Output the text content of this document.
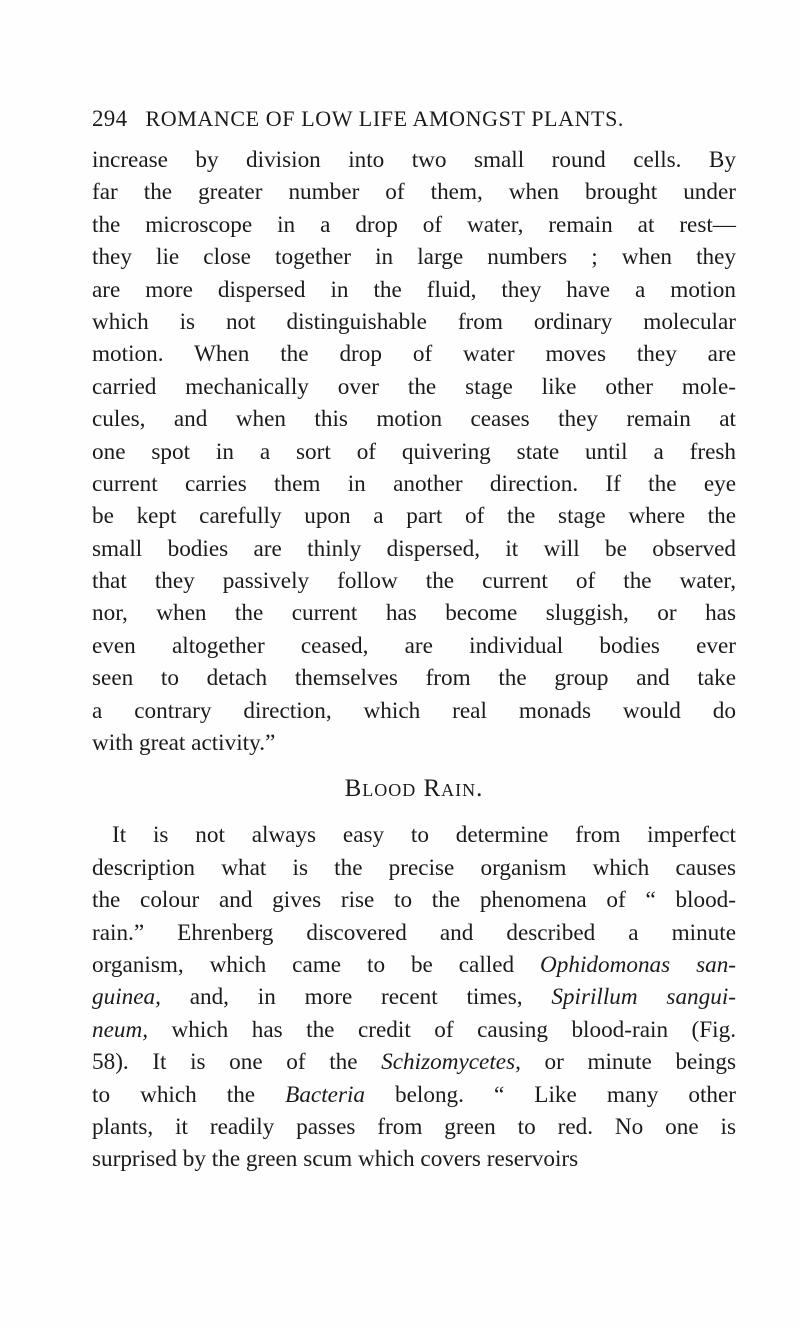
294 ROMANCE OF LOW LIFE AMONGST PLANTS.
increase by division into two small round cells. By
far the greater number of them, when brought under
the microscope in a drop of water, remain at rest—
they lie close together in large numbers ; when they
are more dispersed in the fluid, they have a motion
which is not distinguishable from ordinary molecular
motion. When the drop of water moves they are
carried mechanically over the stage like other mole-
cules, and when this motion ceases they remain at
one spot in a sort of quivering state until a fresh
current carries them in another direction. If the eye
be kept carefully upon a part of the stage where the
small bodies are thinly dispersed, it will be observed
that they passively follow the current of the water,
nor, when the current has become sluggish, or has
even altogether ceased, are individual bodies ever
seen to detach themselves from the group and take
a contrary direction, which real monads would do
with great activity.”
Blood Rain.
It is not always easy to determine from imperfect
description what is the precise organism which causes
the colour and gives rise to the phenomena of “ blood-
rain.” Ehrenberg discovered and described a minute
organism, which came to be called Ophidomonas san-
guinea, and, in more recent times, Spirillum sangui-
neum, which has the credit of causing blood-rain (Fig.
58). It is one of the Schizomycetes, or minute beings
to which the Bacteria belong. “ Like many other
plants, it readily passes from green to red. No one is
surprised by the green scum which covers reservoirs
